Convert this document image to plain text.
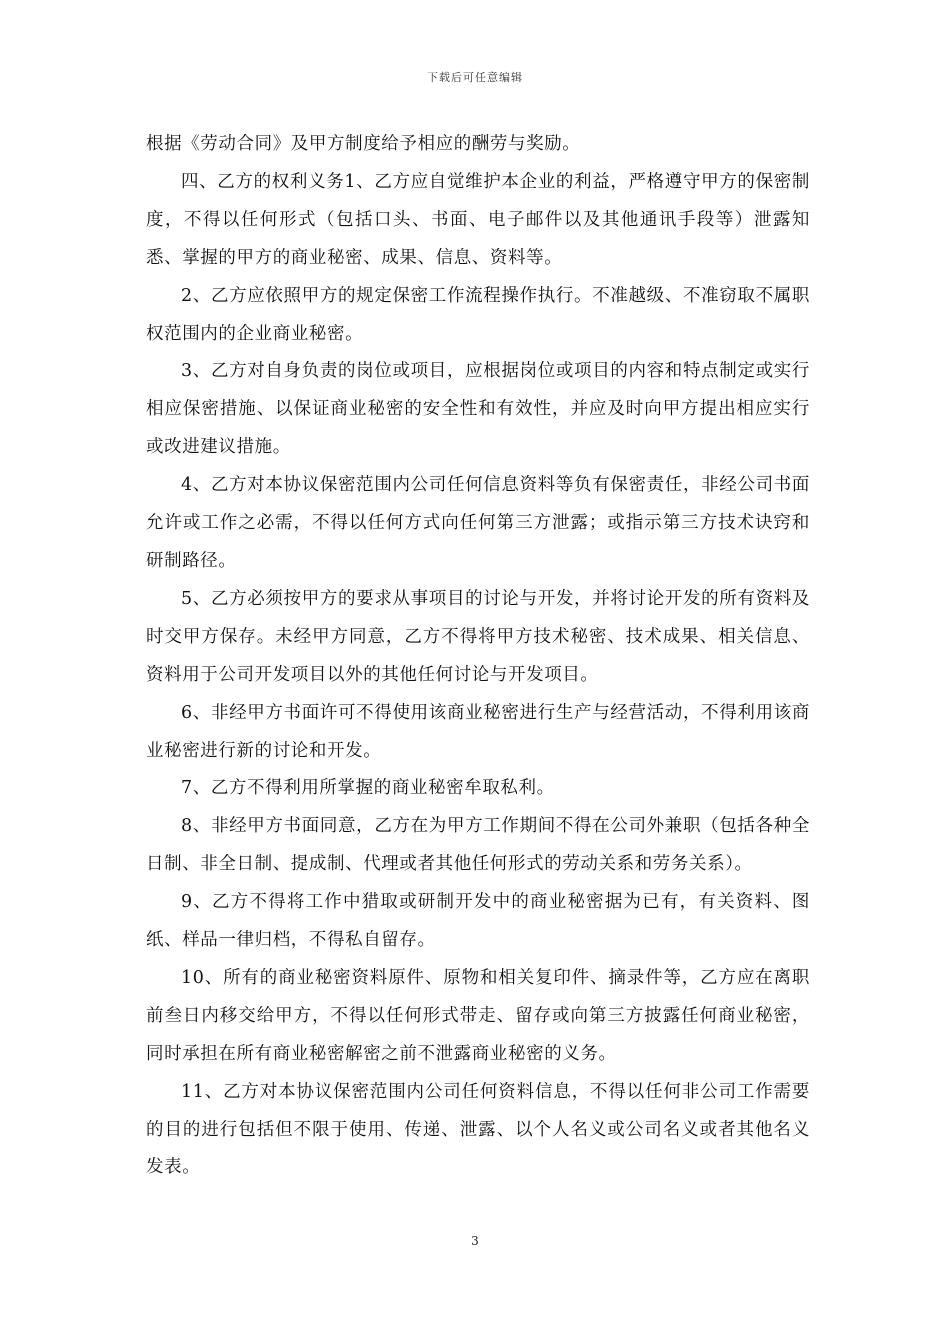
下载后可任意编辑

根据《劳动合同》及甲方制度给予相应的酬劳与奖励。

四、乙方的权利义务1、乙方应自觉维护本企业的利益，严格遵守甲方的保密制度，不得以任何形式（包括口头、书面、电子邮件以及其他通讯手段等）泄露知悉、掌握的甲方的商业秘密、成果、信息、资料等。

2、乙方应依照甲方的规定保密工作流程操作执行。不准越级、不准窃取不属职权范围内的企业商业秘密。

3、乙方对自身负责的岗位或项目，应根据岗位或项目的内容和特点制定或实行相应保密措施、以保证商业秘密的安全性和有效性，并应及时向甲方提出相应实行或改进建议措施。

4、乙方对本协议保密范围内公司任何信息资料等负有保密责任，非经公司书面允许或工作之必需，不得以任何方式向任何第三方泄露；或指示第三方技术诀窍和研制路径。

5、乙方必须按甲方的要求从事项目的讨论与开发，并将讨论开发的所有资料及时交甲方保存。未经甲方同意，乙方不得将甲方技术秘密、技术成果、相关信息、资料用于公司开发项目以外的其他任何讨论与开发项目。

6、非经甲方书面许可不得使用该商业秘密进行生产与经营活动，不得利用该商业秘密进行新的讨论和开发。

7、乙方不得利用所掌握的商业秘密牟取私利。

8、非经甲方书面同意，乙方在为甲方工作期间不得在公司外兼职（包括各种全日制、非全日制、提成制、代理或者其他任何形式的劳动关系和劳务关系）。

9、乙方不得将工作中猎取或研制开发中的商业秘密据为已有，有关资料、图纸、样品一律归档，不得私自留存。

10、所有的商业秘密资料原件、原物和相关复印件、摘录件等，乙方应在离职前叁日内移交给甲方，不得以任何形式带走、留存或向第三方披露任何商业秘密，同时承担在所有商业秘密解密之前不泄露商业秘密的义务。

11、乙方对本协议保密范围内公司任何资料信息，不得以任何非公司工作需要的目的进行包括但不限于使用、传递、泄露、以个人名义或公司名义或者其他名义发表。

3
